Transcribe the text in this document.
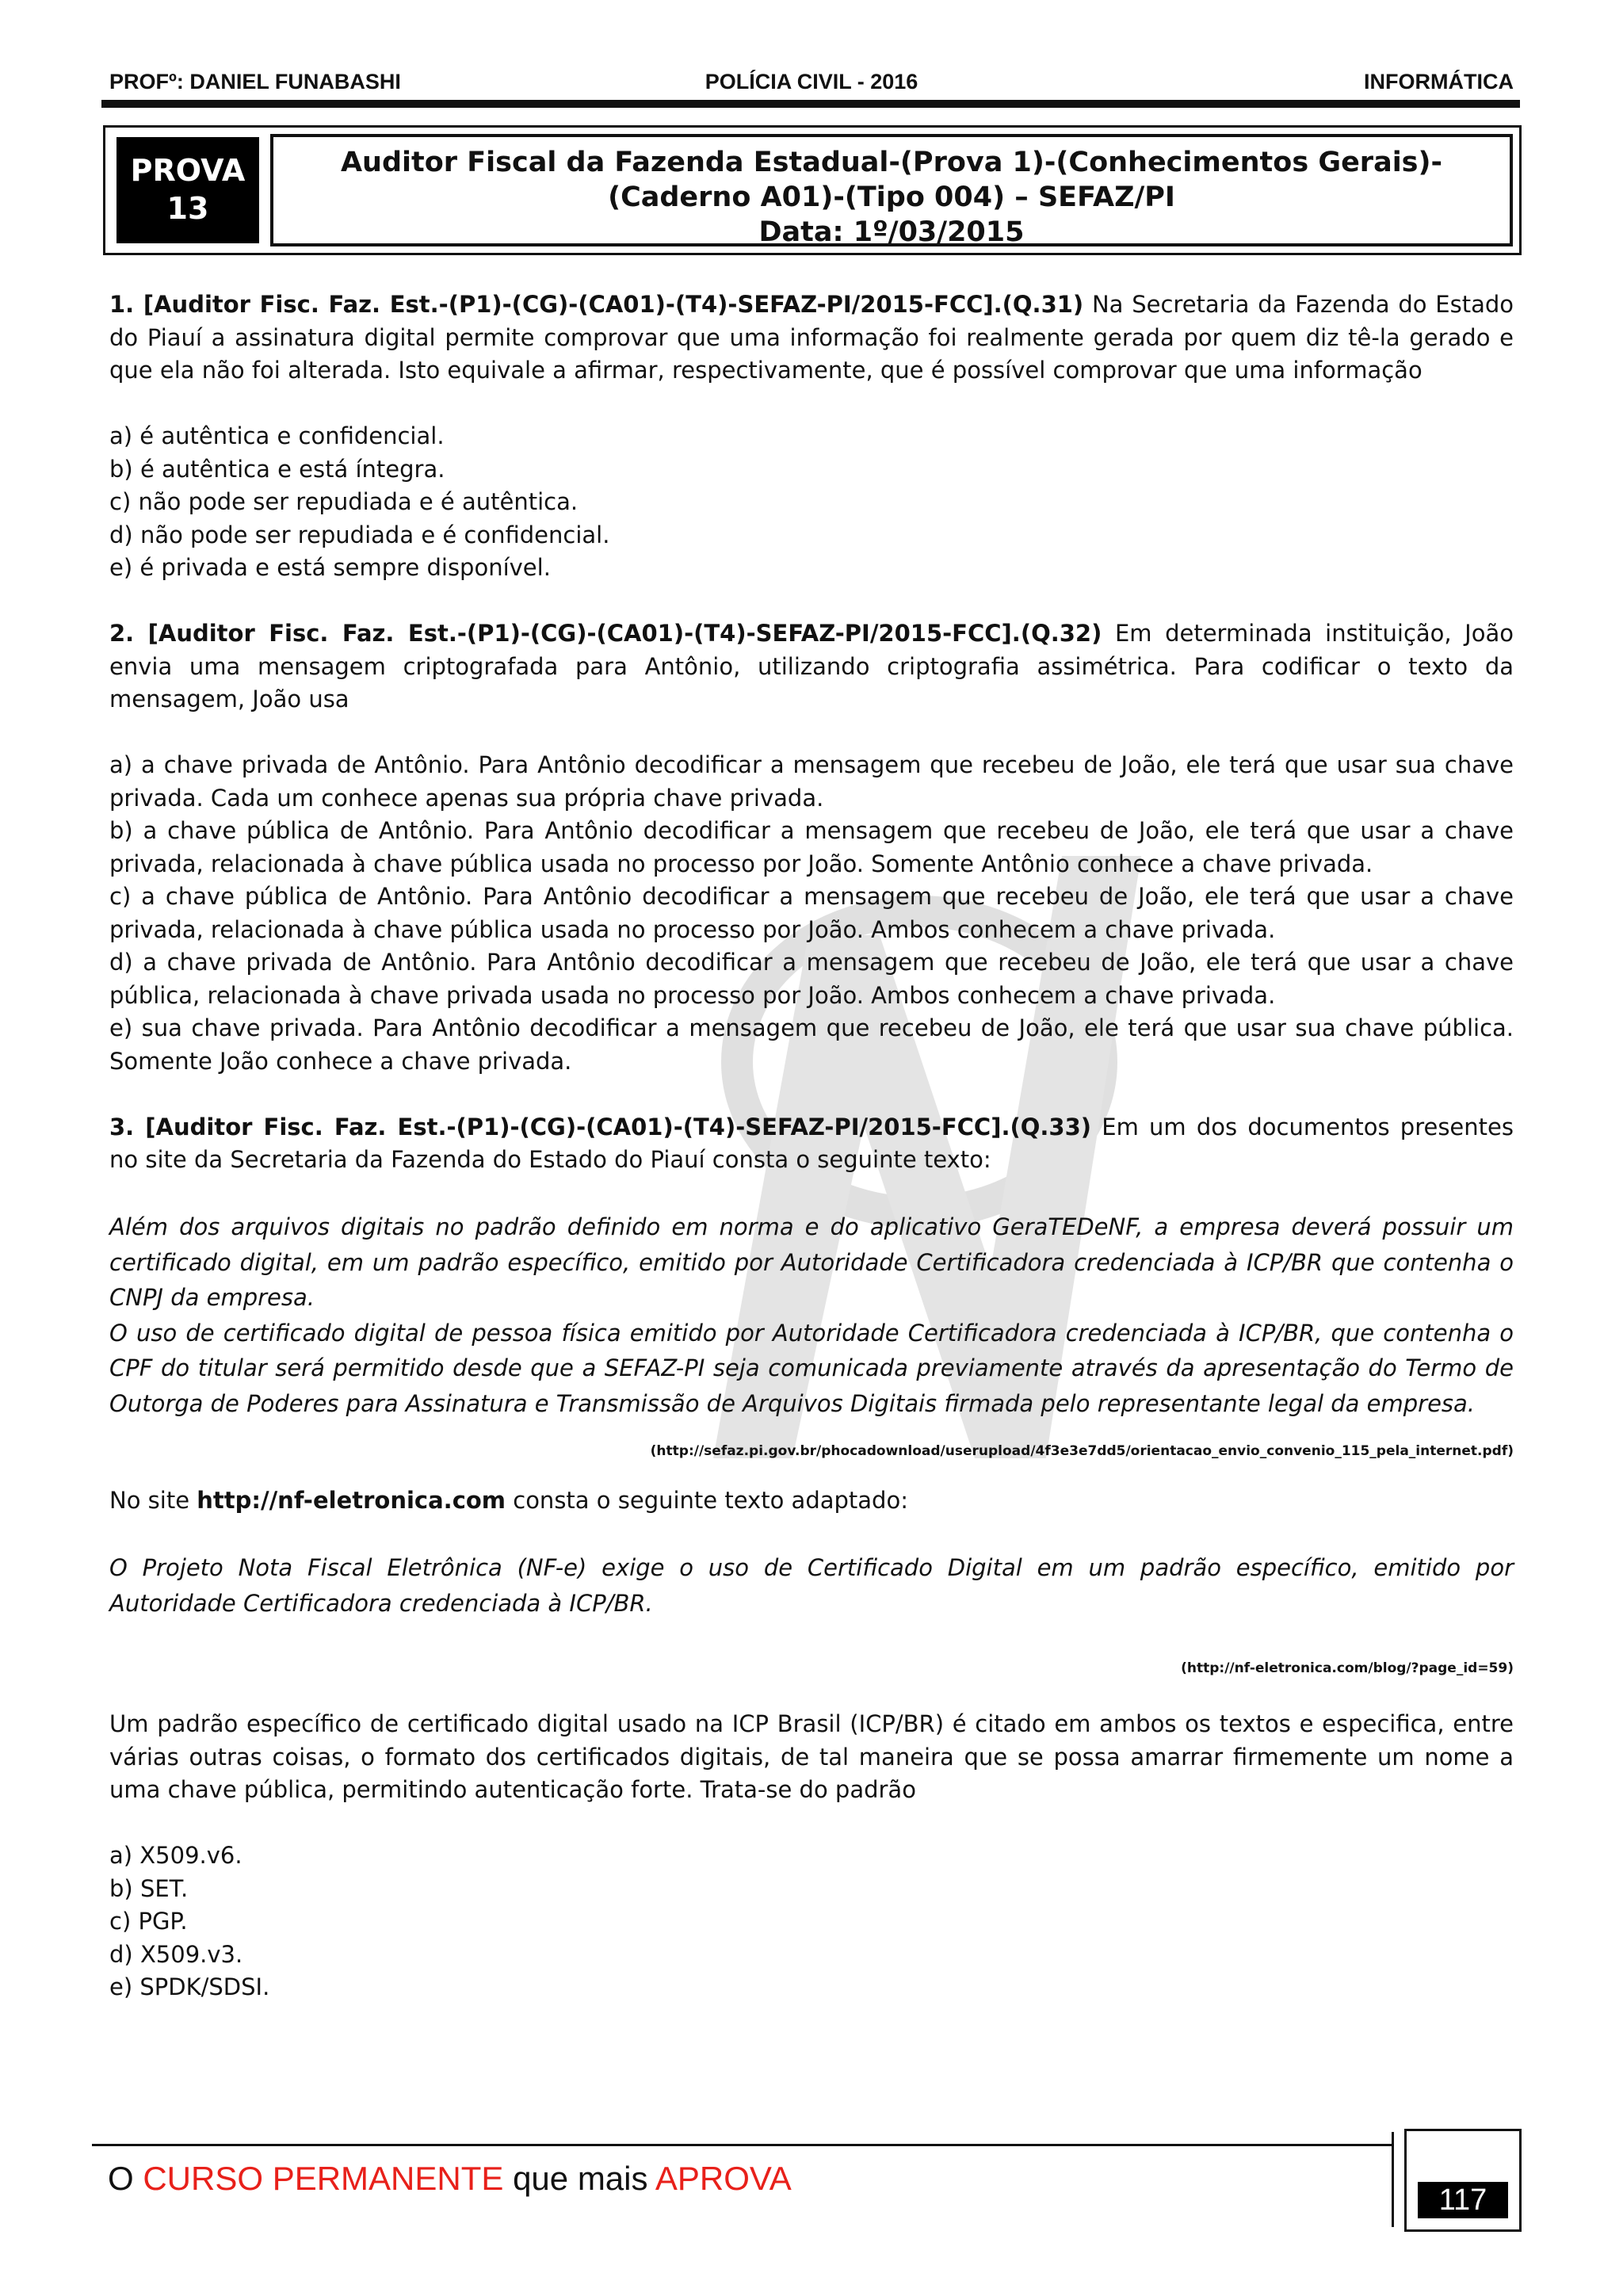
PROFº: DANIEL FUNABASHI	POLÍCIA CIVIL - 2016	INFORMÁTICA
PROVA
13
Auditor Fiscal da Fazenda Estadual-(Prova 1)-(Conhecimentos Gerais)-
(Caderno A01)-(Tipo 004) – SEFAZ/PI
Data: 1º/03/2015

1. [Auditor Fisc. Faz. Est.-(P1)-(CG)-(CA01)-(T4)-SEFAZ-PI/2015-FCC].(Q.31) Na Secretaria da Fazenda do Estado do Piauí a assinatura digital permite comprovar que uma informação foi realmente gerada por quem diz tê-la gerado e que ela não foi alterada. Isto equivale a afirmar, respectivamente, que é possível comprovar que uma informação

a) é autêntica e confidencial.

b) é autêntica e está íntegra.

c) não pode ser repudiada e é autêntica.

d) não pode ser repudiada e é confidencial.

e) é privada e está sempre disponível.

2. [Auditor Fisc. Faz. Est.-(P1)-(CG)-(CA01)-(T4)-SEFAZ-PI/2015-FCC].(Q.32) Em determinada instituição, João envia uma mensagem criptografada para Antônio, utilizando criptografia assimétrica. Para codificar o texto da mensagem, João usa

a) a chave privada de Antônio. Para Antônio decodificar a mensagem que recebeu de João, ele terá que usar sua chave privada. Cada um conhece apenas sua própria chave privada.

b) a chave pública de Antônio. Para Antônio decodificar a mensagem que recebeu de João, ele terá que usar a chave privada, relacionada à chave pública usada no processo por João. Somente Antônio conhece a chave privada.

c) a chave pública de Antônio. Para Antônio decodificar a mensagem que recebeu de João, ele terá que usar a chave privada, relacionada à chave pública usada no processo por João. Ambos conhecem a chave privada.

d) a chave privada de Antônio. Para Antônio decodificar a mensagem que recebeu de João, ele terá que usar a chave pública, relacionada à chave privada usada no processo por João. Ambos conhecem a chave privada.

e) sua chave privada. Para Antônio decodificar a mensagem que recebeu de João, ele terá que usar sua chave pública. Somente João conhece a chave privada.

3. [Auditor Fisc. Faz. Est.-(P1)-(CG)-(CA01)-(T4)-SEFAZ-PI/2015-FCC].(Q.33) Em um dos documentos presentes no site da Secretaria da Fazenda do Estado do Piauí consta o seguinte texto:

Além dos arquivos digitais no padrão definido em norma e do aplicativo GeraTEDeNF, a empresa deverá possuir um certificado digital, em um padrão específico, emitido por Autoridade Certificadora credenciada à ICP/BR que contenha o CNPJ da empresa.

O uso de certificado digital de pessoa física emitido por Autoridade Certificadora credenciada à ICP/BR, que contenha o CPF do titular será permitido desde que a SEFAZ-PI seja comunicada previamente através da apresentação do Termo de Outorga de Poderes para Assinatura e Transmissão de Arquivos Digitais firmada pelo representante legal da empresa.

(http://sefaz.pi.gov.br/phocadownload/userupload/4f3e3e7dd5/orientacao_envio_convenio_115_pela_internet.pdf)

No site http://nf-eletronica.com consta o seguinte texto adaptado:

O Projeto Nota Fiscal Eletrônica (NF-e) exige o uso de Certificado Digital em um padrão específico, emitido por Autoridade Certificadora credenciada à ICP/BR.

(http://nf-eletronica.com/blog/?page_id=59)

Um padrão específico de certificado digital usado na ICP Brasil (ICP/BR) é citado em ambos os textos e especifica, entre várias outras coisas, o formato dos certificados digitais, de tal maneira que se possa amarrar firmemente um nome a uma chave pública, permitindo autenticação forte. Trata-se do padrão

a) X509.v6.

b) SET.

c) PGP.

d) X509.v3.

e) SPDK/SDSI.

O CURSO PERMANENTE que mais APROVA
117
